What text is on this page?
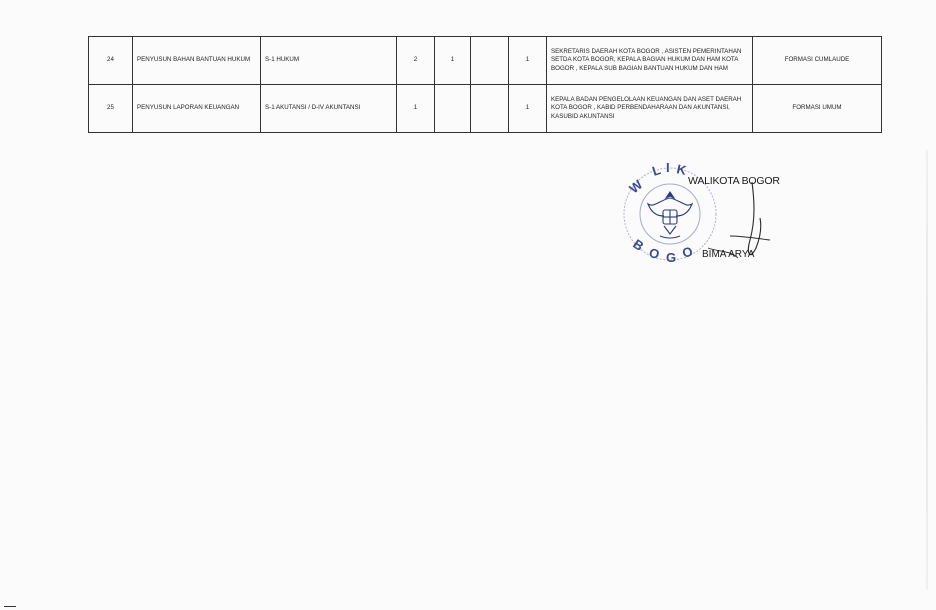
24	PENYUSUN BAHAN BANTUAN HUKUM	S-1 HUKUM	2	1		1	SEKRETARIS DAERAH KOTA BOGOR , ASISTEN PEMERINTAHAN SETDA KOTA BOGOR, KEPALA BAGIAN HUKUM DAN HAM KOTA BOGOR , KEPALA SUB BAGIAN BANTUAN HUKUM DAN HAM	FORMASI CUMLAUDE
25	PENYUSUN LAPORAN KEUANGAN	S-1 AKUTANSI / D-IV AKUNTANSI	1			1	KEPALA BADAN PENGELOLAAN KEUANGAN DAN ASET DAERAH KOTA BOGOR , KABID PERBENDAHARAAN DAN AKUNTANSI, KASUBID AKUNTANSI	FORMASI UMUM
W
L I K
O G O
B
WALIKOTA BOGOR
BIMA ARYA
